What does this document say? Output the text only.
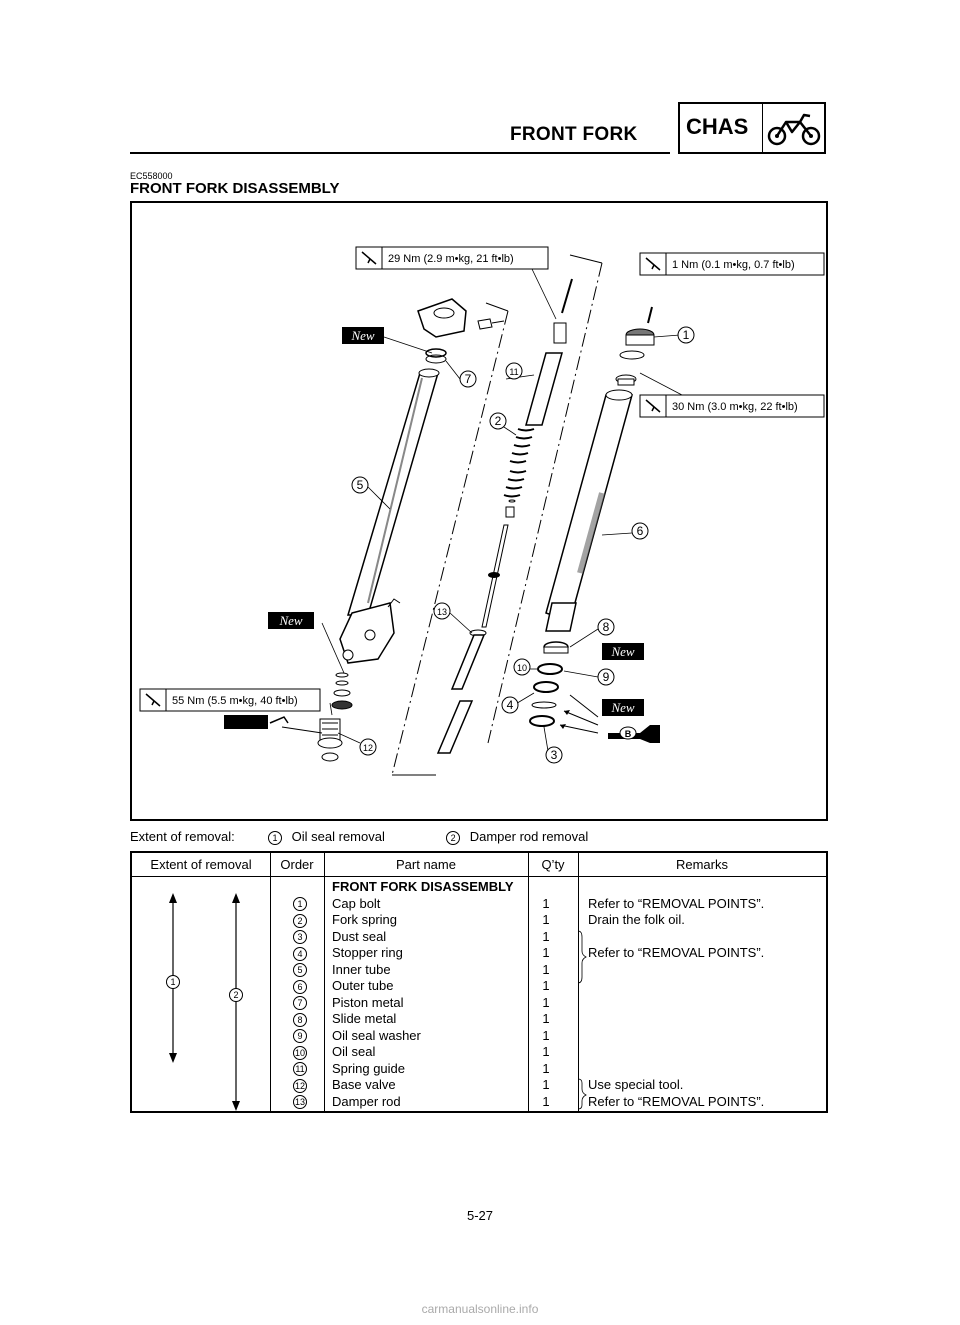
FRONT FORK CHAS
EC558000
FRONT FORK DISASSEMBLY
29 Nm (2.9 m•kg, 21 ft•lb)	1 Nm (0.1 m•kg, 0.7 ft•lb)
30 Nm (3.0 m•kg, 22 ft•lb)
55 Nm (5.5 m•kg, 40 ft•lb)
New
New
New
New
B
1
2
3
4
5
6
7
8
9
10
11
12
13
Extent of removal:	1 Oil seal removal	2 Damper rod removal
Extent of removal	Order	Part name	Q’ty	Remarks
1
2
FRONT FORK DISASSEMBLY
1	Cap bolt	1	Refer to “REMOVAL POINTS”.
2	Fork spring	1	Drain the folk oil.
3	Dust seal	1
4	Stopper ring	1	Refer to “REMOVAL POINTS”.
5	Inner tube	1
6	Outer tube	1
7	Piston metal	1
8	Slide metal	1
9	Oil seal washer	1
10	Oil seal	1
11	Spring guide	1
12	Base valve	1	Use special tool.
13	Damper rod	1	Refer to “REMOVAL POINTS”.
5-27
carmanualsonline.info
